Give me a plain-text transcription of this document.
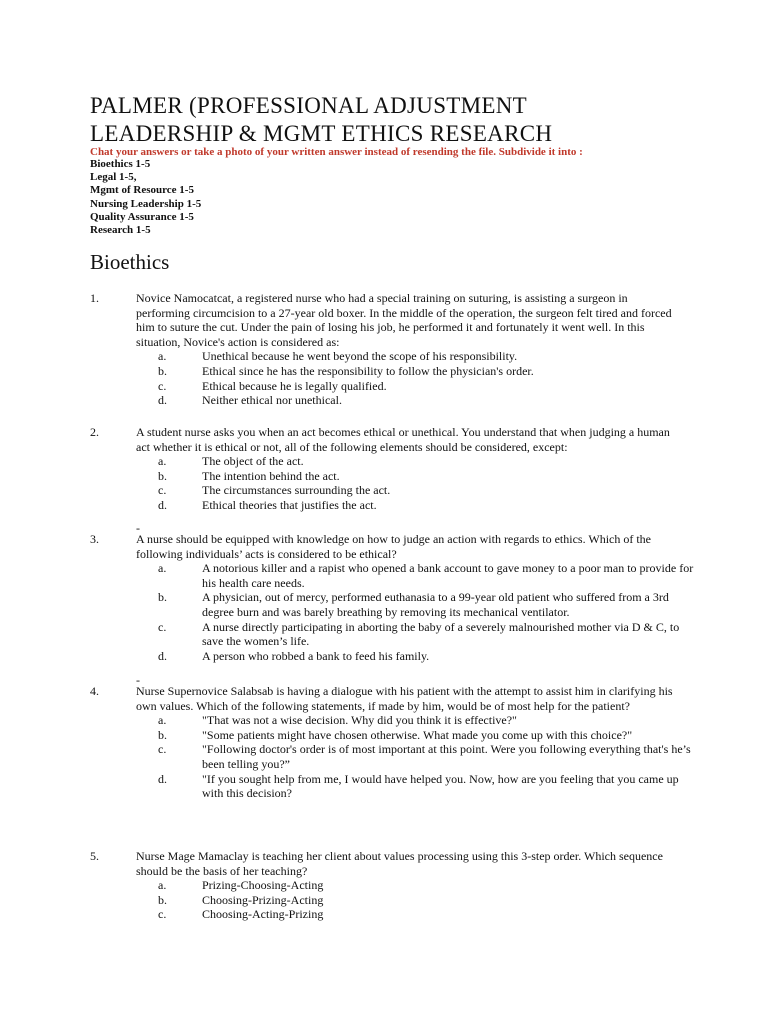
PALMER (PROFESSIONAL ADJUSTMENT
LEADERSHIP & MGMT ETHICS RESEARCH
Chat your answers or take a photo of your written answer instead of resending the file. Subdivide it into :
Bioethics 1-5
Legal 1-5,
Mgmt of Resource 1-5
Nursing Leadership 1-5
Quality Assurance 1-5
Research 1-5
Bioethics
1.	Novice Namocatcat, a registered nurse who had a special training on suturing, is assisting a surgeon in performing circumcision to a 27-year old boxer. In the middle of the operation, the surgeon felt tired and forced him to suture the cut. Under the pain of losing his job, he performed it and fortunately it went well. In this situation, Novice's action is considered as:
a.	Unethical because he went beyond the scope of his responsibility.
b.	Ethical since he has the responsibility to follow the physician's order.
c.	Ethical because he is legally qualified.
d.	Neither ethical nor unethical.
2.	A student nurse asks you when an act becomes ethical or unethical. You understand that when judging a human act whether it is ethical or not, all of the following elements should be considered, except:
a.	The object of the act.
b.	The intention behind the act.
c.	The circumstances surrounding the act.
d.	Ethical theories that justifies the act.
3.	A nurse should be equipped with knowledge on how to judge an action with regards to ethics. Which of the following individuals’ acts is considered to be ethical?
a.	A notorious killer and a rapist who opened a bank account to gave money to a poor man to provide for his health care needs.
b.	A physician, out of mercy, performed euthanasia to a 99-year old patient who suffered from a 3rd degree burn and was barely breathing by removing its mechanical ventilator.
c.	A nurse directly participating in aborting the baby of a severely malnourished mother via D & C, to save the women’s life.
d.	A person who robbed a bank to feed his family.
4.	Nurse Supernovice Salabsab is having a dialogue with his patient with the attempt to assist him in clarifying his own values. Which of the following statements, if made by him, would be of most help for the patient?
a.	"That was not a wise decision. Why did you think it is effective?"
b.	"Some patients might have chosen otherwise. What made you come up with this choice?"
c.	"Following doctor's order is of most important at this point. Were you following everything that's he’s been telling you?”
d.	"If you sought help from me, I would have helped you. Now, how are you feeling that you came up with this decision?
5.	Nurse Mage Mamaclay is teaching her client about values processing using this 3-step order. Which sequence should be the basis of her teaching?
a.	Prizing-Choosing-Acting
b.	Choosing-Prizing-Acting
c.	Choosing-Acting-Prizing
-
-
